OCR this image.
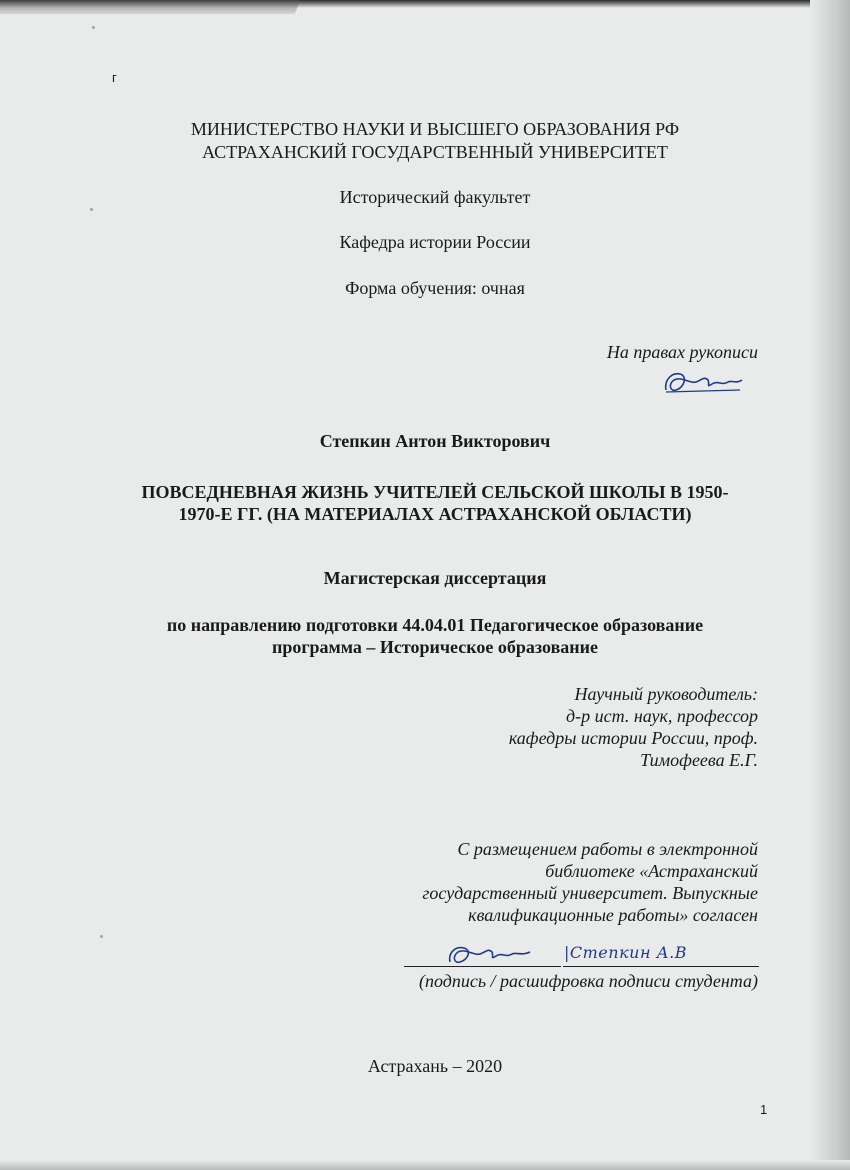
г
МИНИСТЕРСТВО НАУКИ И ВЫСШЕГО ОБРАЗОВАНИЯ РФ
АСТРАХАНСКИЙ ГОСУДАРСТВЕННЫЙ УНИВЕРСИТЕТ
Исторический факультет
Кафедра истории России
Форма обучения: очная
На правах рукописи
Степкин Антон Викторович
ПОВСЕДНЕВНАЯ ЖИЗНЬ УЧИТЕЛЕЙ СЕЛЬСКОЙ ШКОЛЫ В 1950-
1970-Е ГГ. (НА МАТЕРИАЛАХ АСТРАХАНСКОЙ ОБЛАСТИ)
Магистерская диссертация
по направлению подготовки 44.04.01 Педагогическое образование
программа – Историческое образование
Научный руководитель:
д-р ист. наук, профессор
кафедры истории России, проф.
Тимофеева Е.Г.
С размещением работы в электронной
библиотеке «Астраханский
государственный университет. Выпускные
квалификационные работы» согласен
|Степкин А.В
(подпись / расшифровка подписи студента)
Астрахань – 2020
1
